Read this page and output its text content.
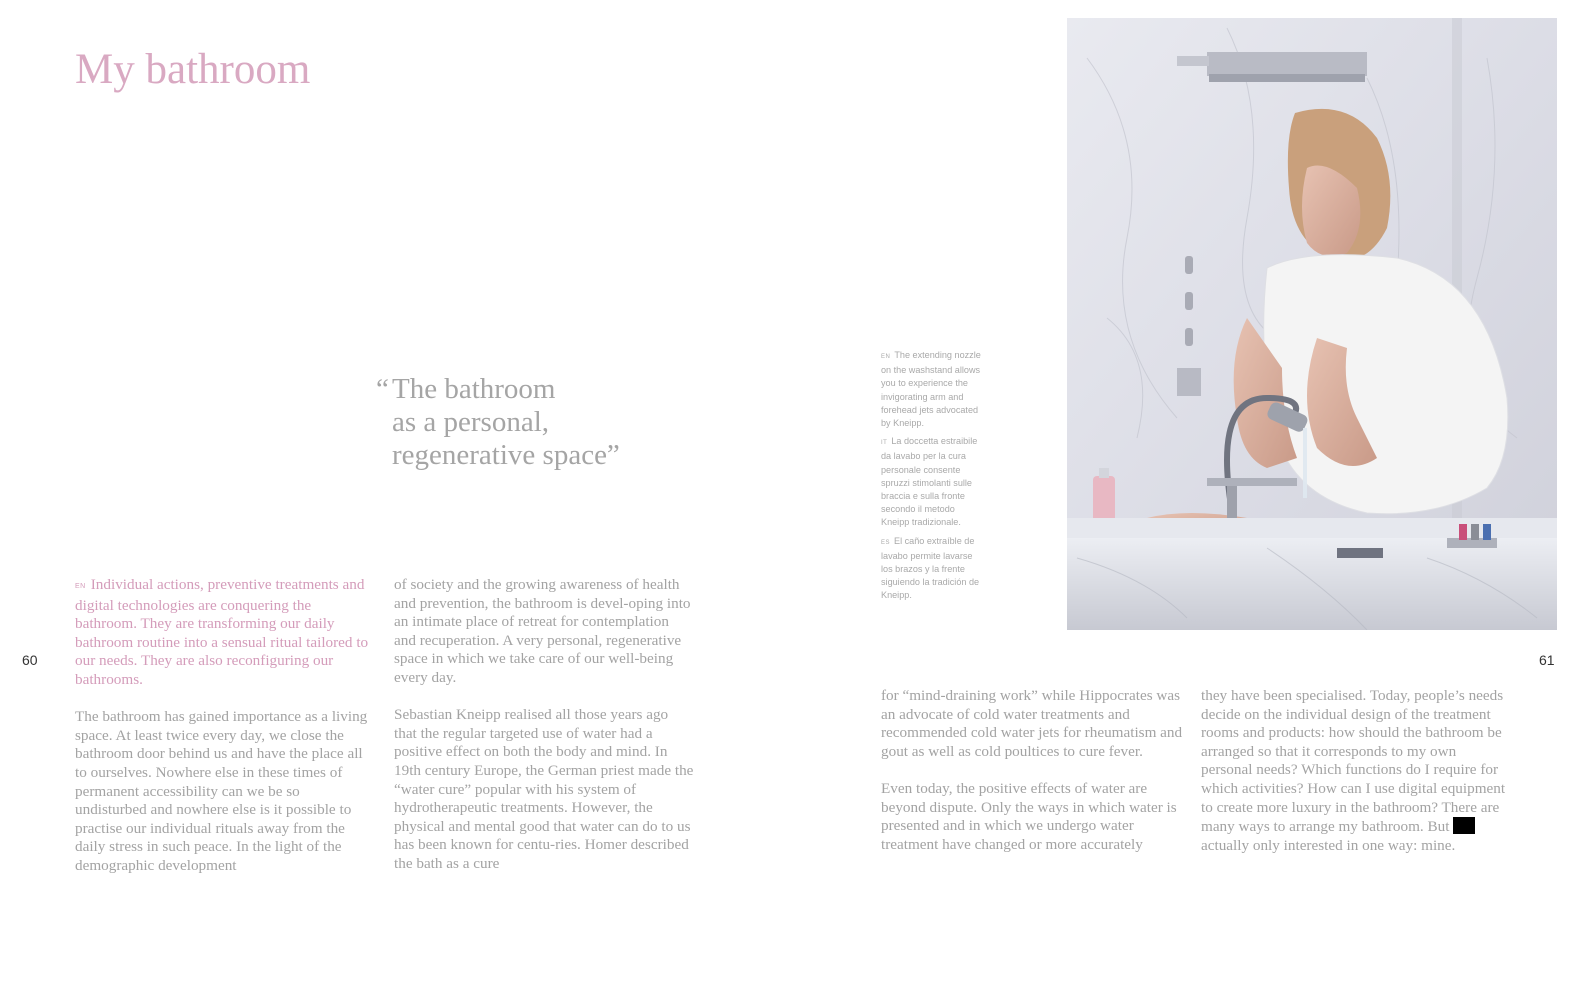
My bathroom
“ The bathroom
as a personal,
regenerative space”

EN Individual actions, preventive treatments and digital technologies are conquering the bathroom. They are transforming our daily bathroom routine into a sensual ritual tailored to our needs. They are also reconfiguring our bathrooms.

The bathroom has gained importance as a living space. At least twice every day, we close the bathroom door behind us and have the place all to ourselves. Nowhere else in these times of permanent accessibility can we be so undisturbed and nowhere else is it possible to practise our individual rituals away from the daily stress in such peace. In the light of the demographic development

of society and the growing awareness of health and prevention, the bathroom is devel-oping into an intimate place of retreat for contemplation and recuperation. A very personal, regenerative space in which we take care of our well-being every day.

Sebastian Kneipp realised all those years ago that the regular targeted use of water had a positive effect on both the body and mind. In 19th century Europe, the German priest made the “water cure” popular with his system of hydrotherapeutic treatments. However, the physical and mental good that water can do to us has been known for centu-ries. Homer described the bath as a cure

for “mind-draining work” while Hippocrates was an advocate of cold water treatments and recommended cold water jets for rheumatism and gout as well as cold poultices to cure fever.

Even today, the positive effects of water are beyond dispute. Only the ways in which water is presented and in which we undergo water treatment have changed or more accurately

they have been specialised. Today, people’s needs decide on the individual design of the treatment rooms and products: how should the bathroom be arranged so that it corresponds to my own personal needs? Which functions do I require for which activities? How can I use digital equipment to create more luxury in the bathroom? There are many ways to arrange my bathroom. But  actually only interested in one way: mine.

EN The extending nozzle on the washstand allows you to experience the invigorating arm and forehead jets advocated by Kneipp.

IT La doccetta estraibile da lavabo per la cura personale consente spruzzi stimolanti sulle braccia e sulla fronte secondo il metodo Kneipp tradizionale.

ES El caño extraíble de lavabo permite lavarse los brazos y la frente siguiendo la tradición de Kneipp.

60	61
